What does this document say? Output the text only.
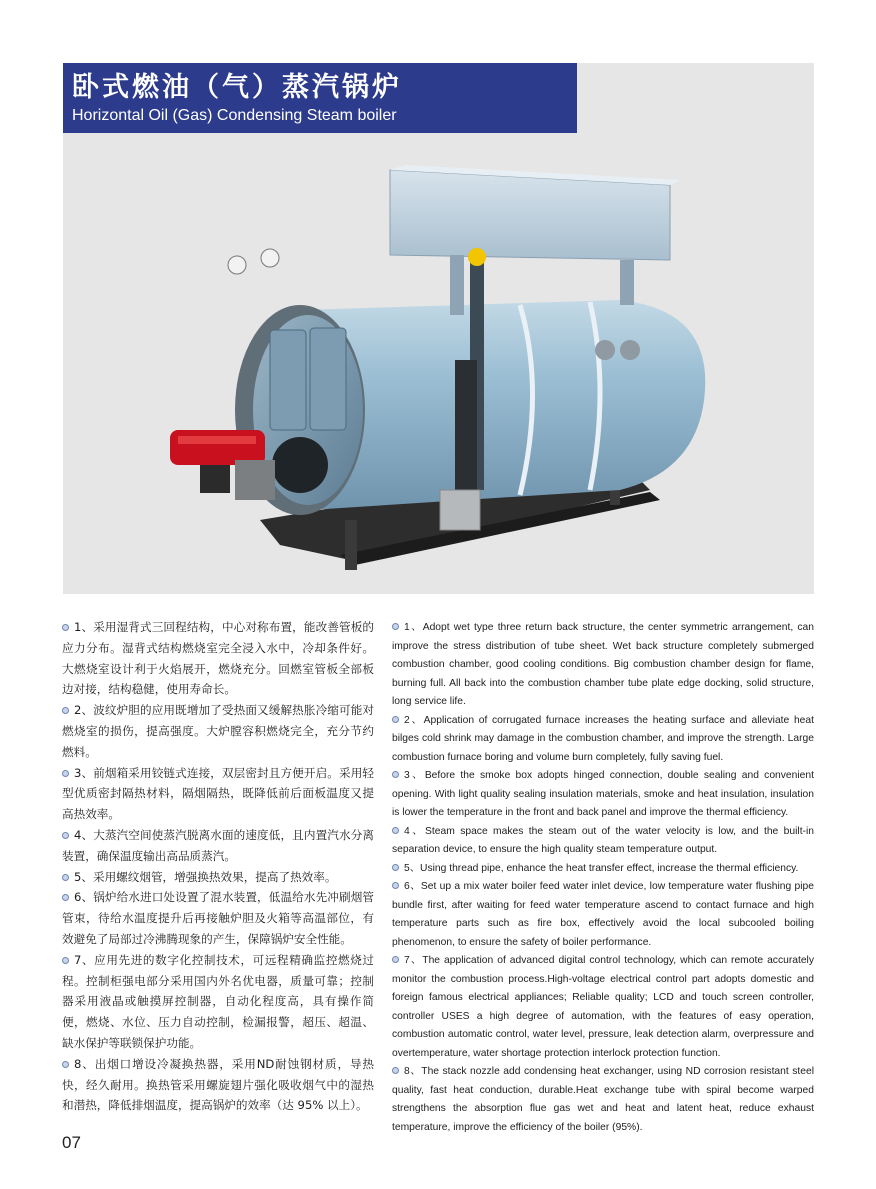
卧式燃油（气）蒸汽锅炉
Horizontal Oil (Gas) Condensing Steam boiler

1、采用湿背式三回程结构，中心对称布置，能改善管板的应力分布。湿背式结构燃烧室完全浸入水中，冷却条件好。大燃烧室设计利于火焰展开，燃烧充分。回燃室管板全部板边对接，结构稳健，使用寿命长。

2、波纹炉胆的应用既增加了受热面又缓解热胀冷缩可能对燃烧室的损伤，提高强度。大炉膛容积燃烧完全，充分节约燃料。

3、前烟箱采用铰链式连接，双层密封且方便开启。采用轻型优质密封隔热材料，隔烟隔热，既降低前后面板温度又提高热效率。

4、大蒸汽空间使蒸汽脱离水面的速度低，且内置汽水分离装置，确保温度输出高品质蒸汽。

5、采用螺纹烟管，增强换热效果，提高了热效率。

6、锅炉给水进口处设置了混水装置，低温给水先冲刷烟管管束，待给水温度提升后再接触炉胆及火箱等高温部位，有效避免了局部过冷沸腾现象的产生，保障锅炉安全性能。

7、应用先进的数字化控制技术，可远程精确监控燃烧过程。控制柜强电部分采用国内外名优电器，质量可靠；控制器采用液晶或触摸屏控制器，自动化程度高，具有操作简便，燃烧、水位、压力自动控制，检漏报警，超压、超温、缺水保护等联锁保护功能。

8、出烟口增设冷凝换热器，采用ND耐蚀钢材质，导热快，经久耐用。换热管采用螺旋翅片强化吸收烟气中的湿热和潜热，降低排烟温度，提高锅炉的效率（达 95% 以上）。

1、Adopt wet type three return back structure, the center symmetric arrangement, can improve the stress distribution of tube sheet. Wet back structure completely submerged combustion chamber, good cooling conditions. Big combustion chamber design for flame, burning full. All back into the combustion chamber tube plate edge docking, solid structure, long service life.

2、Application of corrugated furnace increases the heating surface and alleviate heat bilges cold shrink may damage in the combustion chamber, and improve the strength. Large combustion furnace boring and volume burn completely, fully saving fuel.

3、Before the smoke box adopts hinged connection, double sealing and convenient opening. With light quality sealing insulation materials, smoke and heat insulation, insulation is lower the temperature in the front and back panel and improve the thermal efficiency.

4、Steam space makes the steam out of the water velocity is low, and the built-in separation device, to ensure the high quality steam temperature output.

5、Using thread pipe, enhance the heat transfer effect, increase the thermal efficiency.

6、Set up a mix water boiler feed water inlet device, low temperature water flushing pipe bundle first, after waiting for feed water temperature ascend to contact furnace and high temperature parts such as fire box, effectively avoid the local subcooled boiling phenomenon, to ensure the safety of boiler performance.

7、The application of advanced digital control technology, which can remote accurately monitor the combustion process.High-voltage electrical control part adopts domestic and foreign famous electrical appliances; Reliable quality; LCD and touch screen controller, controller USES a high degree of automation, with the features of easy operation, combustion automatic control, water level, pressure, leak detection alarm, overpressure and overtemperature, water shortage protection interlock protection function.

8、The stack nozzle add condensing heat exchanger, using ND corrosion resistant steel quality, fast heat conduction, durable.Heat exchange tube with spiral become warped strengthens the absorption flue gas wet and heat and latent heat, reduce exhaust temperature, improve the efficiency of the boiler (95%).

07
